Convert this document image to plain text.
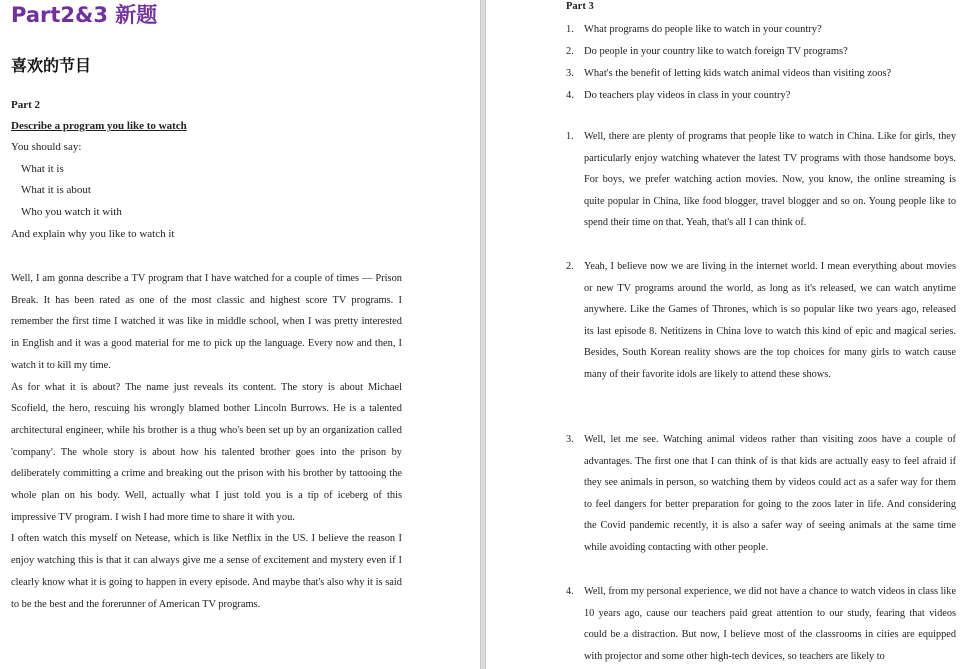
Part2&3 新题
喜欢的节目
Part 2
Describe a program you like to watch
You should say:
What it is
What it is about
Who you watch it with
And explain why you like to watch it

Well, I am gonna describe a TV program that I have watched for a couple of times — Prison Break. It has been rated as one of the most classic and highest score TV programs. I remember the first time I watched it was like in middle school, when I was pretty interested in English and it was a good material for me to pick up the language. Every now and then, I watch it to kill my time.

As for what it is about? The name just reveals its content. The story is about Michael Scofield, the hero, rescuing his wrongly blamed bother Lincoln Burrows. He is a talented architectural engineer, while his brother is a thug who's been set up by an organization called 'company'. The whole story is about how his talented brother goes into the prison by deliberately committing a crime and breaking out the prison with his brother by tattooing the whole plan on his body. Well, actually what I just told you is a tip of iceberg of this impressive TV program. I wish I had more time to share it with you.

I often watch this myself on Netease, which is like Netflix in the US. I believe the reason I enjoy watching this is that it can always give me a sense of excitement and mystery even if I clearly know what it is going to happen in every episode. And maybe that's also why it is said to be the best and the forerunner of American TV programs.

Part 3
1. What programs do people like to watch in your country?
2. Do people in your country like to watch foreign TV programs?
3. What's the benefit of letting kids watch animal videos than visiting zoos?
4. Do teachers play videos in class in your country?
1. Well, there are plenty of programs that people like to watch in China. Like for girls, they particularly enjoy watching whatever the latest TV programs with those handsome boys. For boys, we prefer watching action movies. Now, you know, the online streaming is quite popular in China, like food blogger, travel blogger and so on. Young people like to spend their time on that. Yeah, that's all I can think of.
2. Yeah, I believe now we are living in the internet world. I mean everything about movies or new TV programs around the world, as long as it's released, we can watch anytime anywhere. Like the Games of Thrones, which is so popular like two years ago, released its last episode 8. Netitizens in China love to watch this kind of epic and magical series. Besides, South Korean reality shows are the top choices for many girls to watch cause many of their favorite idols are likely to attend these shows.
3. Well, let me see. Watching animal videos rather than visiting zoos have a couple of advantages. The first one that I can think of is that kids are actually easy to feel afraid if they see animals in person, so watching them by videos could act as a safer way for them to feel dangers for better preparation for going to the zoos later in life. And considering the Covid pandemic recently, it is also a safer way of seeing animals at the same time while avoiding contacting with other people.
4. Well, from my personal experience, we did not have a chance to watch videos in class like 10 years ago, cause our teachers paid great attention to our study, fearing that videos could be a distraction. But now, I believe most of the classrooms in cities are equipped with projector and some other high-tech devices, so teachers are likely to
